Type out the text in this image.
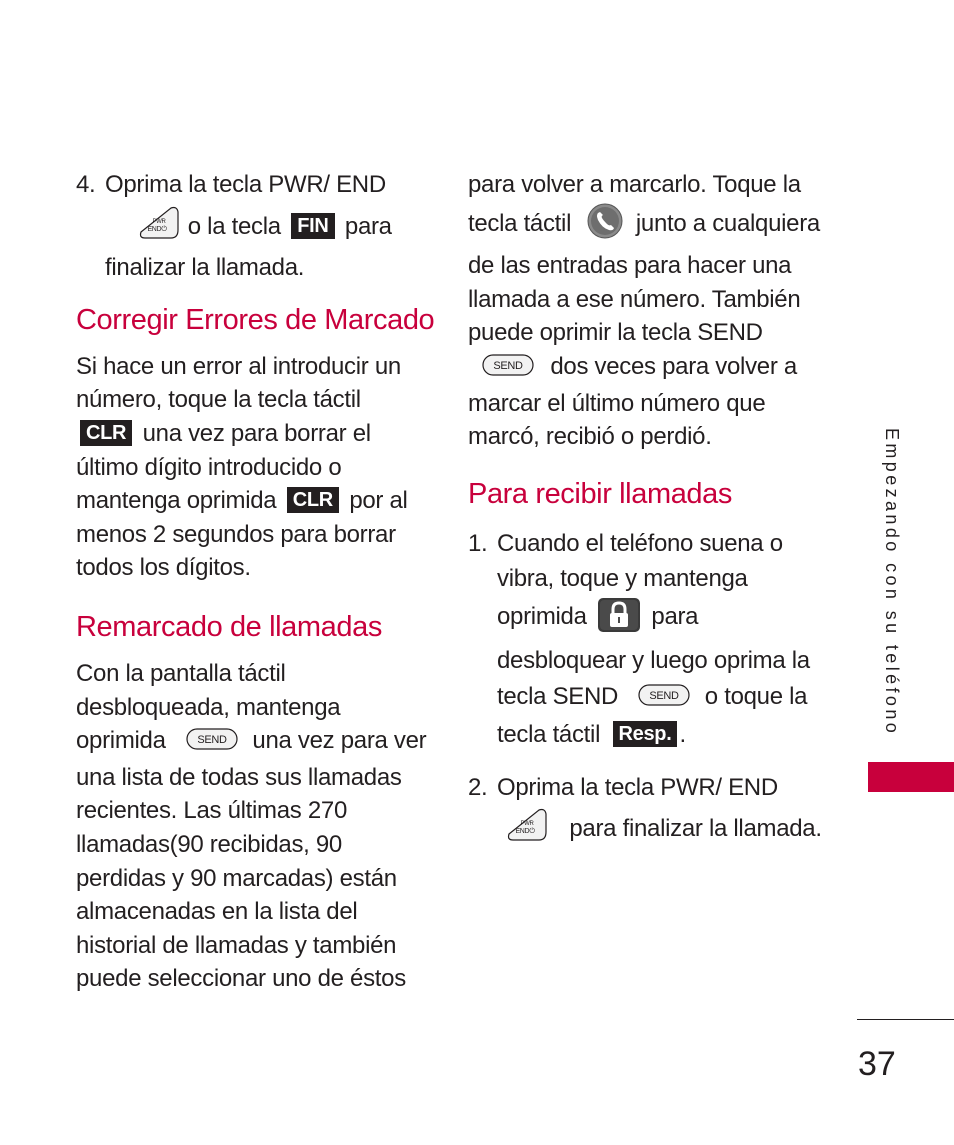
4. Oprima la tecla PWR/ END

PWR
END⏻ o la tecla FIN para
finalizar la llamada.
Corregir Errores de Marcado

Si hace un error al introducir un número, toque la tecla táctil
CLR una vez para borrar el último dígito introducido o mantenga oprimida CLR por al menos 2 segundos para borrar todos los dígitos.

Remarcado de llamadas

Con la pantalla táctil desbloqueada, mantenga oprimida	SEND una vez para ver una lista de todas sus llamadas recientes. Las últimas 270 llamadas(90 recibidas, 90 perdidas y 90 marcadas) están almacenadas en la lista del historial de llamadas y también puede seleccionar uno de éstos

para volver a marcarlo. Toque la tecla táctil	junto a cualquiera de las entradas para hacer una llamada a ese número. También puede oprimir la tecla SEND
SEND dos veces para volver a marcar el último número que marcó, recibió o perdió.

Para recibir llamadas
1. Cuando el teléfono suena o vibra, toque y mantenga oprimida	para desbloquear y luego oprima la tecla SEND	SEND o toque la tecla táctil Resp. .
2. Oprima la tecla PWR/ END

PWR
END⏻ para finalizar la llamada.
Empezando con su teléfono
37
